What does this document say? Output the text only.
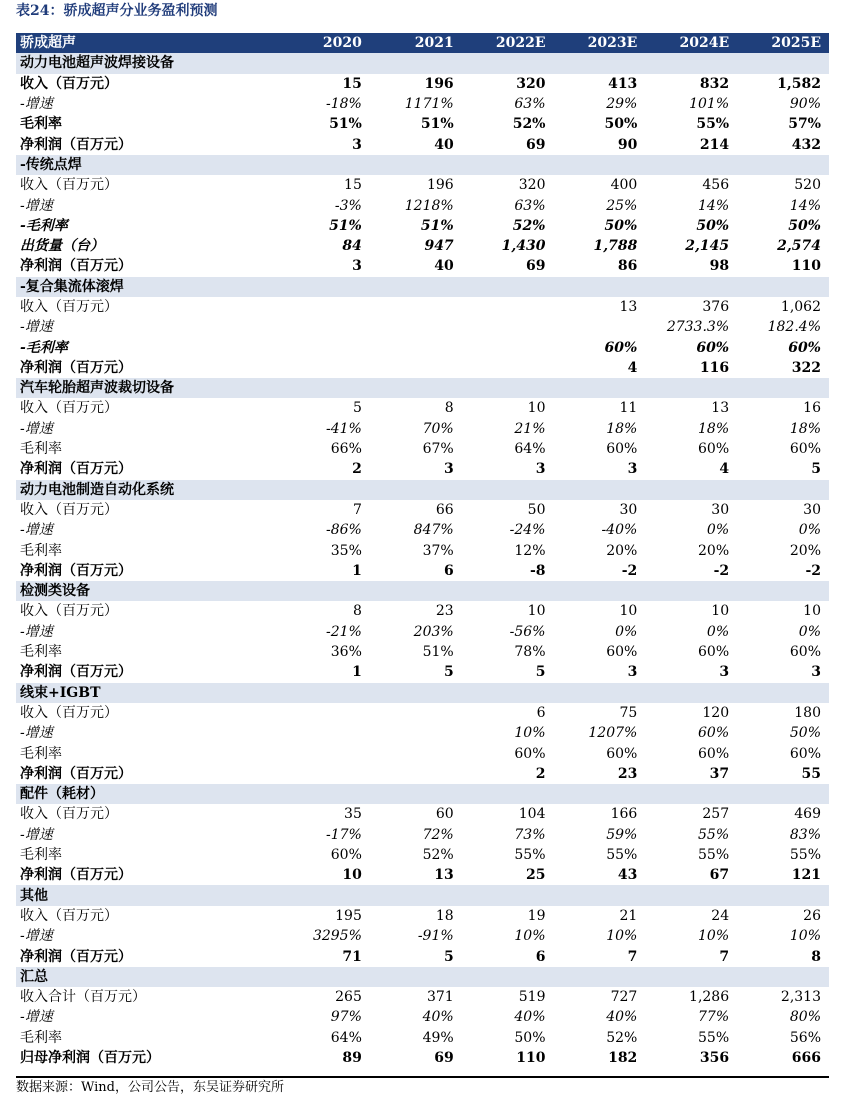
表24：骄成超声分业务盈利预测
骄成超声	2020	2021	2022E	2023E	2024E	2025E
动力电池超声波焊接设备						
收入（百万元）	15	196	320	413	832	1,582
-增速	-18%	1171%	63%	29%	101%	90%
毛利率	51%	51%	52%	50%	55%	57%
净利润（百万元）	3	40	69	90	214	432
-传统点焊						
收入（百万元）	15	196	320	400	456	520
-增速	-3%	1218%	63%	25%	14%	14%
-毛利率	51%	51%	52%	50%	50%	50%
出货量（台）	84	947	1,430	1,788	2,145	2,574
净利润（百万元）	3	40	69	86	98	110
-复合集流体滚焊						
收入（百万元）				13	376	1,062
-增速					2733.3%	182.4%
-毛利率				60%	60%	60%
净利润（百万元）				4	116	322
汽车轮胎超声波裁切设备						
收入（百万元）	5	8	10	11	13	16
-增速	-41%	70%	21%	18%	18%	18%
毛利率	66%	67%	64%	60%	60%	60%
净利润（百万元）	2	3	3	3	4	5
动力电池制造自动化系统						
收入（百万元）	7	66	50	30	30	30
-增速	-86%	847%	-24%	-40%	0%	0%
毛利率	35%	37%	12%	20%	20%	20%
净利润（百万元）	1	6	-8	-2	-2	-2
检测类设备						
收入（百万元）	8	23	10	10	10	10
-增速	-21%	203%	-56%	0%	0%	0%
毛利率	36%	51%	78%	60%	60%	60%
净利润（百万元）	1	5	5	3	3	3
线束+IGBT						
收入（百万元）			6	75	120	180
-增速			10%	1207%	60%	50%
毛利率			60%	60%	60%	60%
净利润（百万元）			2	23	37	55
配件（耗材）						
收入（百万元）	35	60	104	166	257	469
-增速	-17%	72%	73%	59%	55%	83%
毛利率	60%	52%	55%	55%	55%	55%
净利润（百万元）	10	13	25	43	67	121
其他						
收入（百万元）	195	18	19	21	24	26
-增速	3295%	-91%	10%	10%	10%	10%
净利润（百万元）	71	5	6	7	7	8
汇总						
收入合计（百万元）	265	371	519	727	1,286	2,313
-增速	97%	40%	40%	40%	77%	80%
毛利率	64%	49%	50%	52%	55%	56%
归母净利润（百万元）	89	69	110	182	356	666
数据来源：Wind，公司公告，东吴证券研究所
